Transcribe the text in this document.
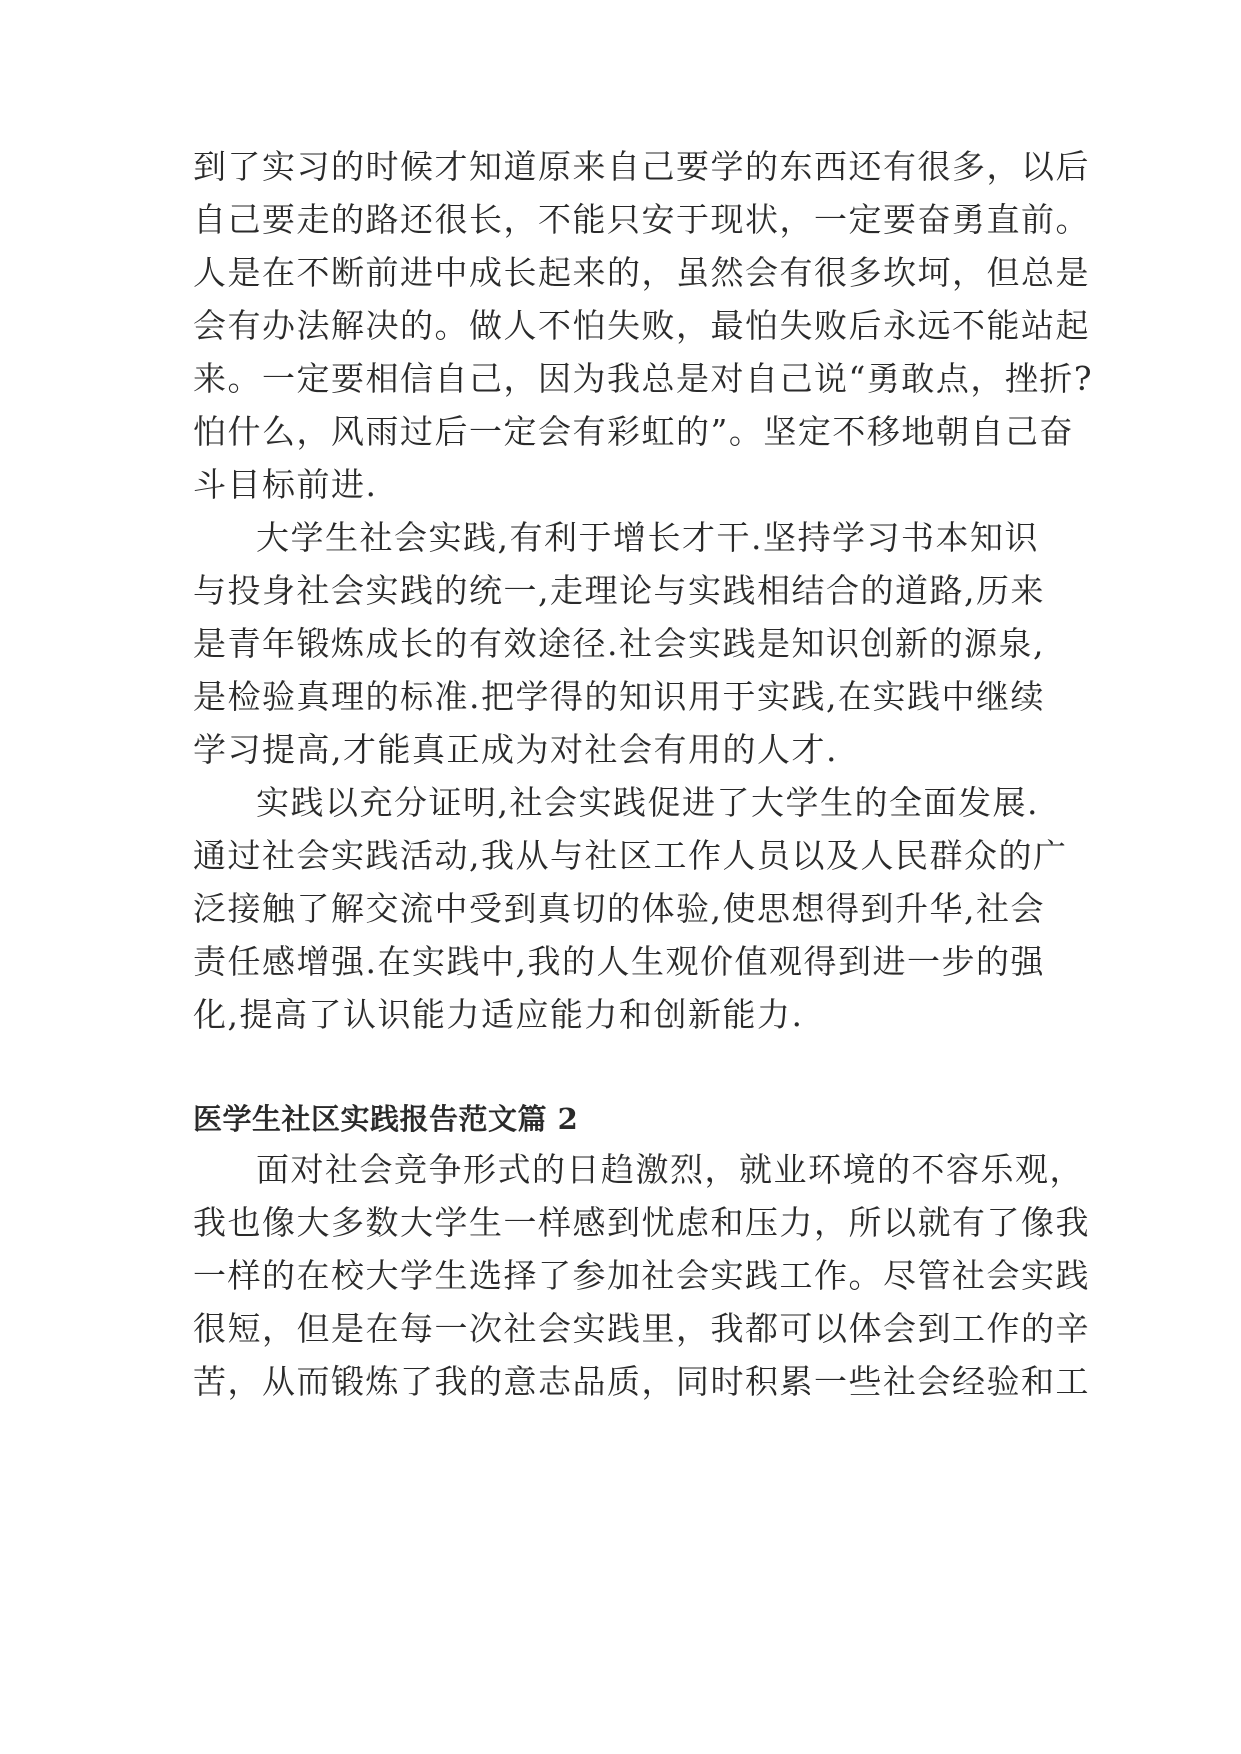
到了实习的时候才知道原来自己要学的东西还有很多，以后

自己要走的路还很长，不能只安于现状，一定要奋勇直前。

人是在不断前进中成长起来的，虽然会有很多坎坷，但总是

会有办法解决的。做人不怕失败，最怕失败后永远不能站起

来。一定要相信自己，因为我总是对自己说“勇敢点，挫折?

怕什么，风雨过后一定会有彩虹的”。坚定不移地朝自己奋

斗目标前进.

大学生社会实践,有利于增长才干.坚持学习书本知识

与投身社会实践的统一,走理论与实践相结合的道路,历来

是青年锻炼成长的有效途径.社会实践是知识创新的源泉,

是检验真理的标准.把学得的知识用于实践,在实践中继续

学习提高,才能真正成为对社会有用的人才.

实践以充分证明,社会实践促进了大学生的全面发展.

通过社会实践活动,我从与社区工作人员以及人民群众的广

泛接触了解交流中受到真切的体验,使思想得到升华,社会

责任感增强.在实践中,我的人生观价值观得到进一步的强

化,提高了认识能力适应能力和创新能力.

医学生社区实践报告范文篇 2

面对社会竞争形式的日趋激烈，就业环境的不容乐观，

我也像大多数大学生一样感到忧虑和压力，所以就有了像我

一样的在校大学生选择了参加社会实践工作。尽管社会实践

很短，但是在每一次社会实践里，我都可以体会到工作的辛

苦，从而锻炼了我的意志品质，同时积累一些社会经验和工
